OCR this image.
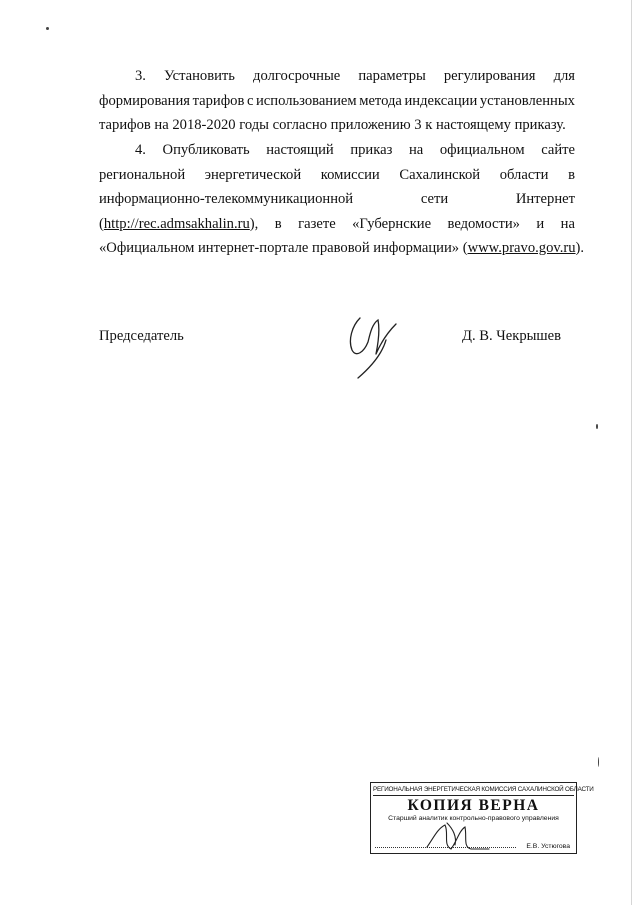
3. Установить долгосрочные параметры регулирования для
формирования тарифов с использованием метода индексации установленных
тарифов на 2018-2020 годы согласно приложению 3 к настоящему приказу.
4. Опубликовать настоящий приказ на официальном сайте
региональной энергетической комиссии Сахалинской области в
информационно-телекоммуникационной	сети	Интернет
(http://rec.admsakhalin.ru), в газете «Губернские ведомости» и на
«Официальном интернет-портале правовой информации» (www.pravo.gov.ru).
Председатель	Д. В. Чекрышев
РЕГИОНАЛЬНАЯ ЭНЕРГЕТИЧЕСКАЯ КОМИССИЯ САХАЛИНСКОЙ ОБЛАСТИ
КОПИЯ ВЕРНА
Старший аналитик контрольно-правового управления
Е.В. Устюгова
